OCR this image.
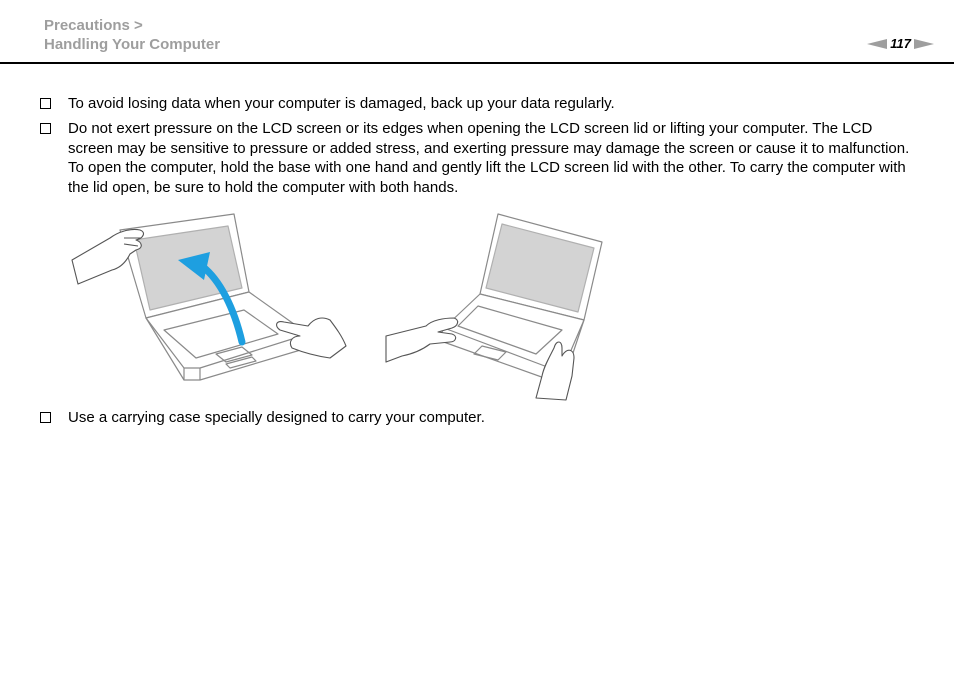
Precautions >
Handling Your Computer	117
To avoid losing data when your computer is damaged, back up your data regularly.
Do not exert pressure on the LCD screen or its edges when opening the LCD screen lid or lifting your computer. The LCD screen may be sensitive to pressure or added stress, and exerting pressure may damage the screen or cause it to malfunction. To open the computer, hold the base with one hand and gently lift the LCD screen lid with the other. To carry the computer with the lid open, be sure to hold the computer with both hands.
Use a carrying case specially designed to carry your computer.
